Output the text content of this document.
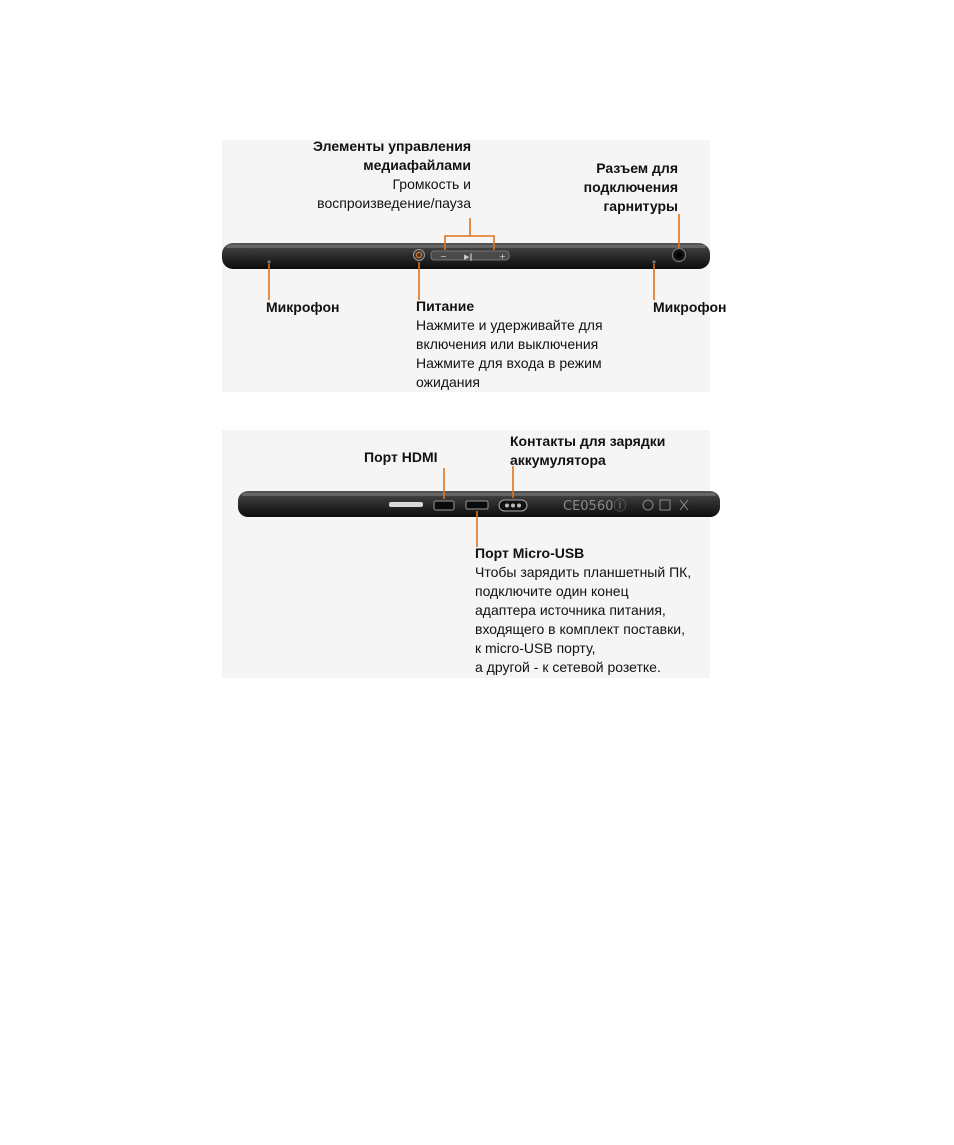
− ▶‖	+
CE0560ⓘ
Элементы управления
медиафайлами
Громкость и
воспроизведение/пауза
Разъем для
подключения
гарнитуры
Микрофон	Питание
Нажмите и удерживайте для
включения или выключения
Нажмите для входа в режим
ожидания
Микрофон
Порт HDMI
Контакты для зарядки
аккумулятора
Порт Micro-USB
Чтобы зарядить планшетный ПК,
подключите один конец
адаптера источника питания,
входящего в комплект поставки,
к micro-USB порту,
а другой - к сетевой розетке.
